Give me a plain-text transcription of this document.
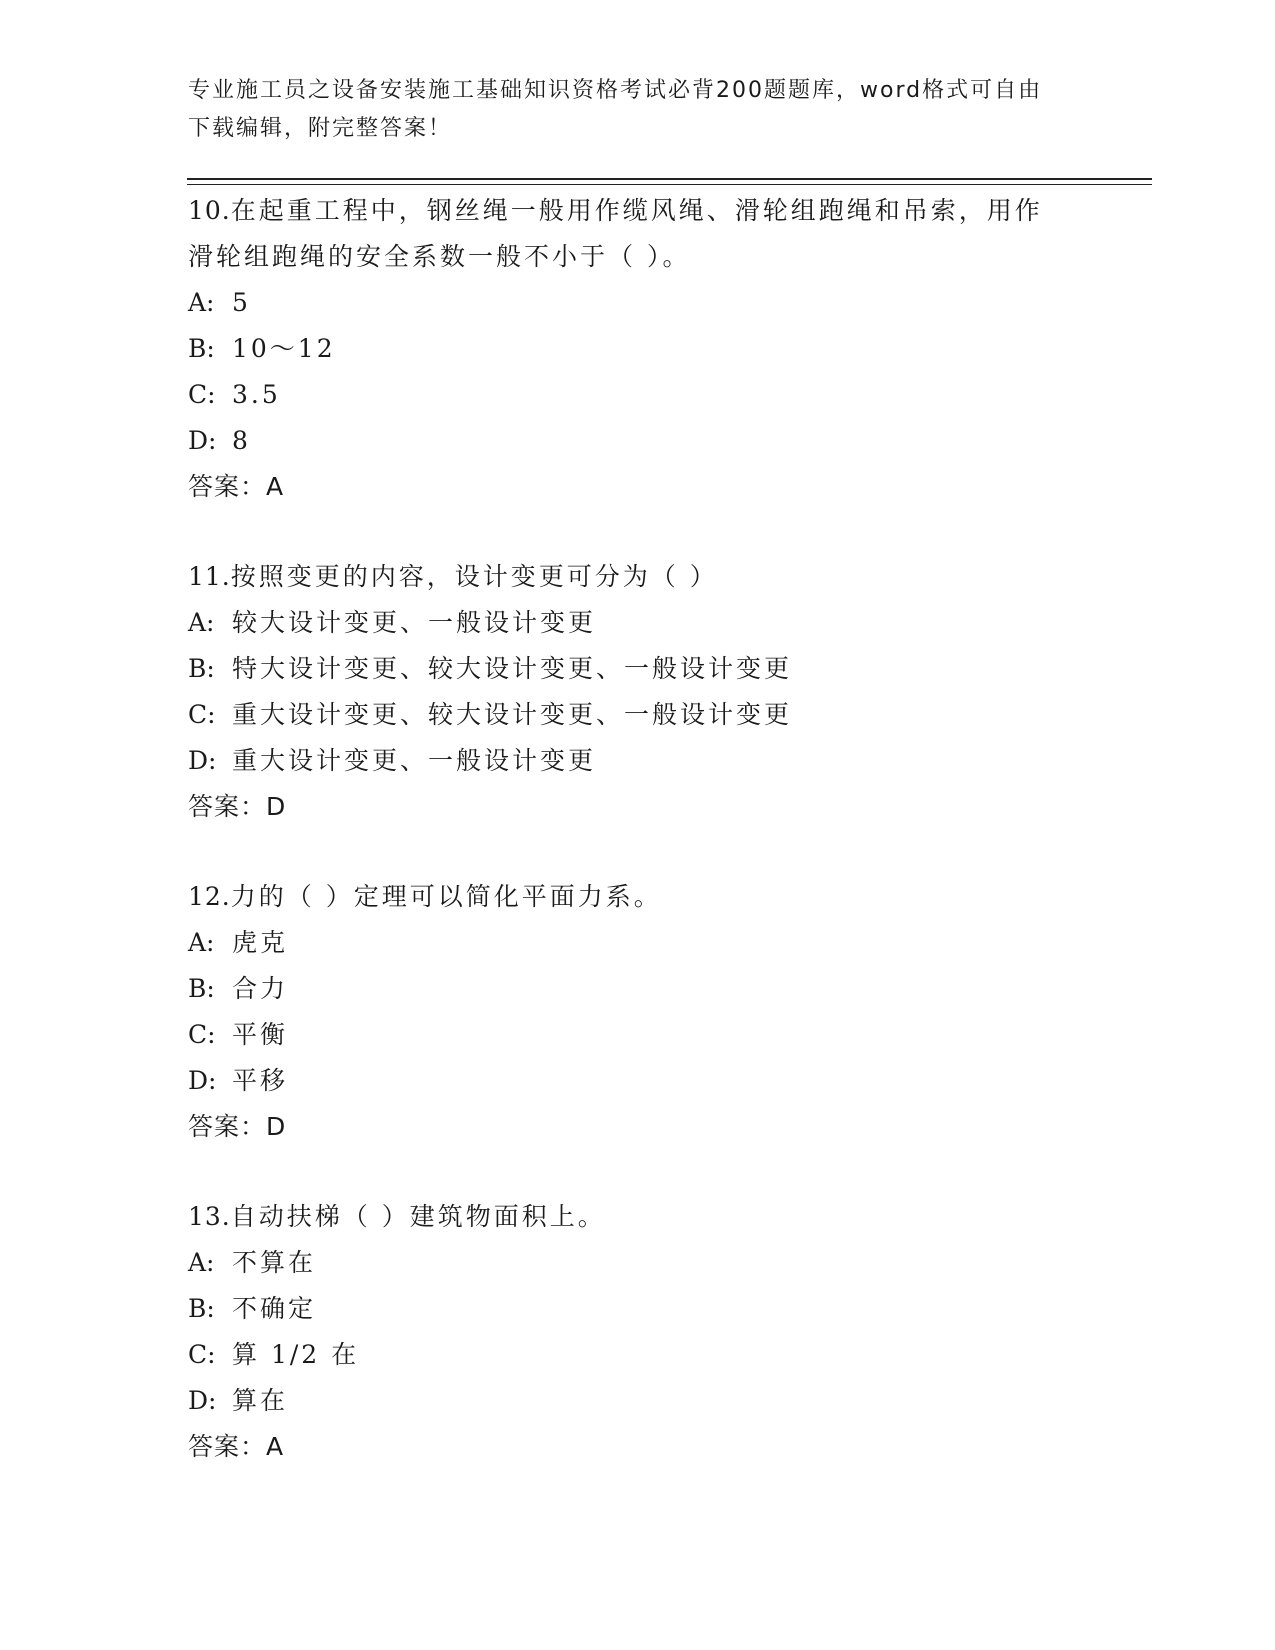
专业施工员之设备安装施工基础知识资格考试必背200题题库，word格式可自由
下载编辑，附完整答案！
10.在起重工程中，钢丝绳一般用作缆风绳、滑轮组跑绳和吊索，用作
滑轮组跑绳的安全系数一般不小于（ ）。
A: 5
B: 10～12
C: 3.5
D: 8
答案：A
11.按照变更的内容，设计变更可分为（ ）
A: 较大设计变更、一般设计变更
B: 特大设计变更、较大设计变更、一般设计变更
C: 重大设计变更、较大设计变更、一般设计变更
D: 重大设计变更、一般设计变更
答案：D
12.力的（ ）定理可以简化平面力系。
A: 虎克
B: 合力
C: 平衡
D: 平移
答案：D
13.自动扶梯（ ）建筑物面积上。
A: 不算在
B: 不确定
C: 算 1/2 在
D: 算在
答案：A
